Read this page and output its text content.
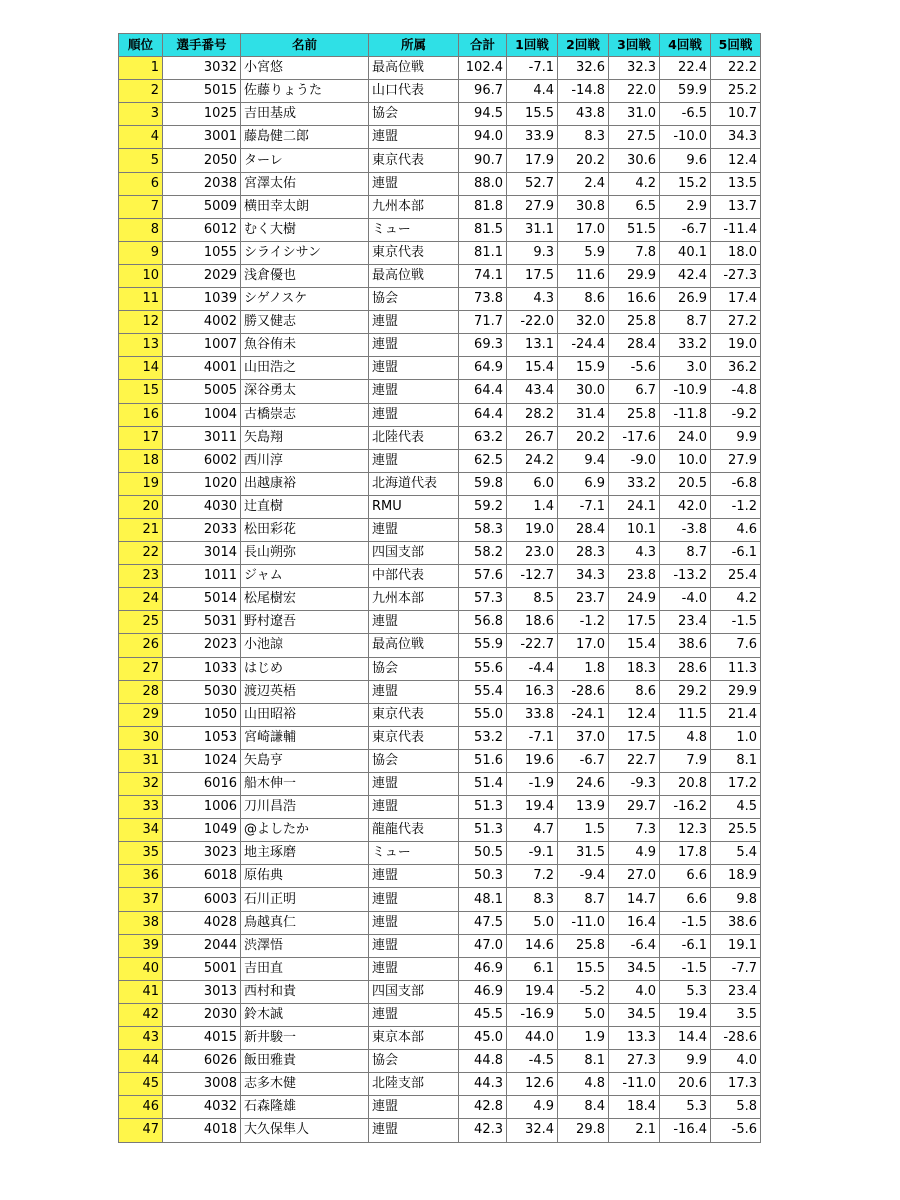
順位	選手番号	名前	所属	合計	1回戦	2回戦	3回戦	4回戦	5回戦
1	3032	小宮悠	最高位戦	102.4	-7.1	32.6	32.3	22.4	22.2
2	5015	佐藤りょうた	山口代表	96.7	4.4	-14.8	22.0	59.9	25.2
3	1025	吉田基成	協会	94.5	15.5	43.8	31.0	-6.5	10.7
4	3001	藤島健二郎	連盟	94.0	33.9	8.3	27.5	-10.0	34.3
5	2050	ターレ	東京代表	90.7	17.9	20.2	30.6	9.6	12.4
6	2038	宮澤太佑	連盟	88.0	52.7	2.4	4.2	15.2	13.5
7	5009	横田幸太朗	九州本部	81.8	27.9	30.8	6.5	2.9	13.7
8	6012	むく大樹	ミュー	81.5	31.1	17.0	51.5	-6.7	-11.4
9	1055	シライシサン	東京代表	81.1	9.3	5.9	7.8	40.1	18.0
10	2029	浅倉優也	最高位戦	74.1	17.5	11.6	29.9	42.4	-27.3
11	1039	シゲノスケ	協会	73.8	4.3	8.6	16.6	26.9	17.4
12	4002	勝又健志	連盟	71.7	-22.0	32.0	25.8	8.7	27.2
13	1007	魚谷侑未	連盟	69.3	13.1	-24.4	28.4	33.2	19.0
14	4001	山田浩之	連盟	64.9	15.4	15.9	-5.6	3.0	36.2
15	5005	深谷勇太	連盟	64.4	43.4	30.0	6.7	-10.9	-4.8
16	1004	古橋崇志	連盟	64.4	28.2	31.4	25.8	-11.8	-9.2
17	3011	矢島翔	北陸代表	63.2	26.7	20.2	-17.6	24.0	9.9
18	6002	西川淳	連盟	62.5	24.2	9.4	-9.0	10.0	27.9
19	1020	出越康裕	北海道代表	59.8	6.0	6.9	33.2	20.5	-6.8
20	4030	辻直樹	RMU	59.2	1.4	-7.1	24.1	42.0	-1.2
21	2033	松田彩花	連盟	58.3	19.0	28.4	10.1	-3.8	4.6
22	3014	長山朔弥	四国支部	58.2	23.0	28.3	4.3	8.7	-6.1
23	1011	ジャム	中部代表	57.6	-12.7	34.3	23.8	-13.2	25.4
24	5014	松尾樹宏	九州本部	57.3	8.5	23.7	24.9	-4.0	4.2
25	5031	野村遼吾	連盟	56.8	18.6	-1.2	17.5	23.4	-1.5
26	2023	小池諒	最高位戦	55.9	-22.7	17.0	15.4	38.6	7.6
27	1033	はじめ	協会	55.6	-4.4	1.8	18.3	28.6	11.3
28	5030	渡辺英梧	連盟	55.4	16.3	-28.6	8.6	29.2	29.9
29	1050	山田昭裕	東京代表	55.0	33.8	-24.1	12.4	11.5	21.4
30	1053	宮崎謙輔	東京代表	53.2	-7.1	37.0	17.5	4.8	1.0
31	1024	矢島亨	協会	51.6	19.6	-6.7	22.7	7.9	8.1
32	6016	船木伸一	連盟	51.4	-1.9	24.6	-9.3	20.8	17.2
33	1006	刀川昌浩	連盟	51.3	19.4	13.9	29.7	-16.2	4.5
34	1049	@よしたか	龍龍代表	51.3	4.7	1.5	7.3	12.3	25.5
35	3023	地主琢磨	ミュー	50.5	-9.1	31.5	4.9	17.8	5.4
36	6018	原佑典	連盟	50.3	7.2	-9.4	27.0	6.6	18.9
37	6003	石川正明	連盟	48.1	8.3	8.7	14.7	6.6	9.8
38	4028	鳥越真仁	連盟	47.5	5.0	-11.0	16.4	-1.5	38.6
39	2044	渋澤悟	連盟	47.0	14.6	25.8	-6.4	-6.1	19.1
40	5001	吉田直	連盟	46.9	6.1	15.5	34.5	-1.5	-7.7
41	3013	西村和貴	四国支部	46.9	19.4	-5.2	4.0	5.3	23.4
42	2030	鈴木誠	連盟	45.5	-16.9	5.0	34.5	19.4	3.5
43	4015	新井駿一	東京本部	45.0	44.0	1.9	13.3	14.4	-28.6
44	6026	飯田雅貴	協会	44.8	-4.5	8.1	27.3	9.9	4.0
45	3008	志多木健	北陸支部	44.3	12.6	4.8	-11.0	20.6	17.3
46	4032	石森隆雄	連盟	42.8	4.9	8.4	18.4	5.3	5.8
47	4018	大久保隼人	連盟	42.3	32.4	29.8	2.1	-16.4	-5.6
